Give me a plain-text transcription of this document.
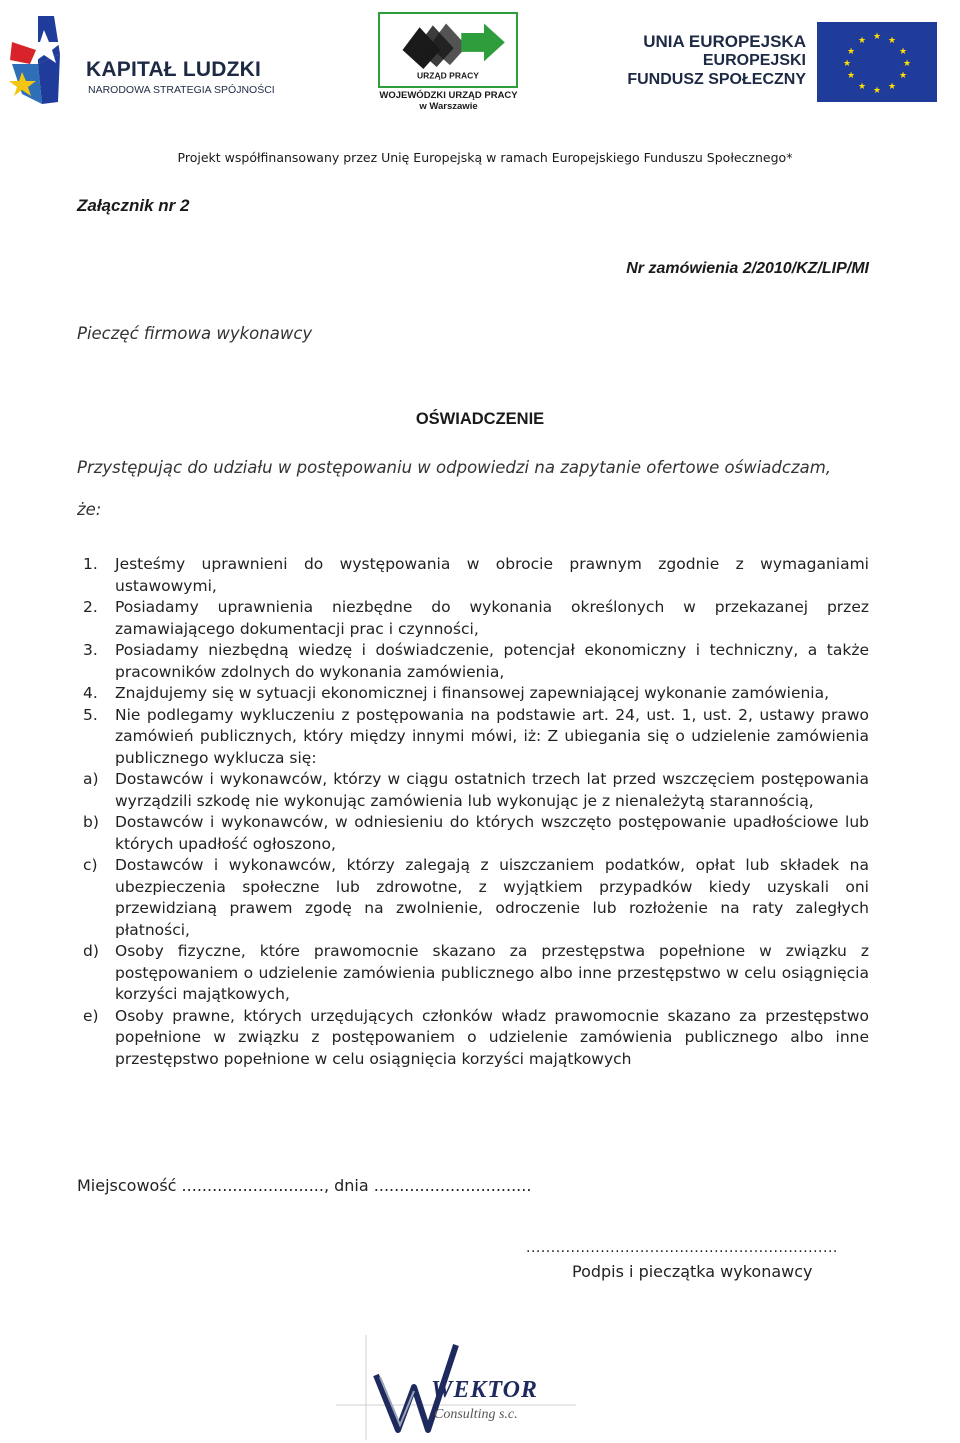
KAPITAŁ LUDZKI
NARODOWA STRATEGIA SPÓJNOŚCI
URZĄD PRACY
WOJEWÓDZKI URZĄD PRACY
w Warszawie
UNIA EUROPEJSKA
EUROPEJSKI
FUNDUSZ SPOŁECZNY
★ ★
★
★
★
★
★
★
★
★
★
★
Projekt współfinansowany przez Unię Europejską w ramach Europejskiego Funduszu Społecznego*
Załącznik nr 2
Nr zamówienia 2/2010/KZ/LIP/MI
Pieczęć firmowa wykonawcy
OŚWIADCZENIE
Przystępując do udziału w postępowaniu w odpowiedzi na zapytanie ofertowe oświadczam,
że:
1. Jesteśmy uprawnieni do występowania w obrocie prawnym zgodnie z wymaganiami ustawowymi,
2. Posiadamy uprawnienia niezbędne do wykonania określonych w przekazanej przez zamawiającego dokumentacji prac i czynności,
3. Posiadamy niezbędną wiedzę i doświadczenie, potencjał ekonomiczny i techniczny, a także pracowników zdolnych do wykonania zamówienia,
4. Znajdujemy się w sytuacji ekonomicznej i finansowej zapewniającej wykonanie zamówienia,
5. Nie podlegamy wykluczeniu z postępowania na podstawie art. 24, ust. 1, ust. 2, ustawy prawo zamówień publicznych, który między innymi mówi, iż: Z ubiegania się o udzielenie zamówienia publicznego wyklucza się:
a) Dostawców i wykonawców, którzy w ciągu ostatnich trzech lat przed wszczęciem postępowania wyrządzili szkodę nie wykonując zamówienia lub wykonując je z nienależytą starannością,
b) Dostawców i wykonawców, w odniesieniu do których wszczęto postępowanie upadłościowe lub których upadłość ogłoszono,
c) Dostawców i wykonawców, którzy zalegają z uiszczaniem podatków, opłat lub składek na ubezpieczenia społeczne lub zdrowotne, z wyjątkiem przypadków kiedy uzyskali oni przewidzianą prawem zgodę na zwolnienie, odroczenie lub rozłożenie na raty zaległych płatności,
d) Osoby fizyczne, które prawomocnie skazano za przestępstwa popełnione w związku z postępowaniem o udzielenie zamówienia publicznego albo inne przestępstwo w celu osiągnięcia korzyści majątkowych,
e) Osoby prawne, których urzędujących członków władz prawomocnie skazano za przestępstwo popełnione w związku z postępowaniem o udzielenie zamówienia publicznego albo inne przestępstwo popełnione w celu osiągnięcia korzyści majątkowych
Miejscowość ............................, dnia ...............................
...............................................................
Podpis i pieczątka wykonawcy
WEKTOR
Consulting s.c.
